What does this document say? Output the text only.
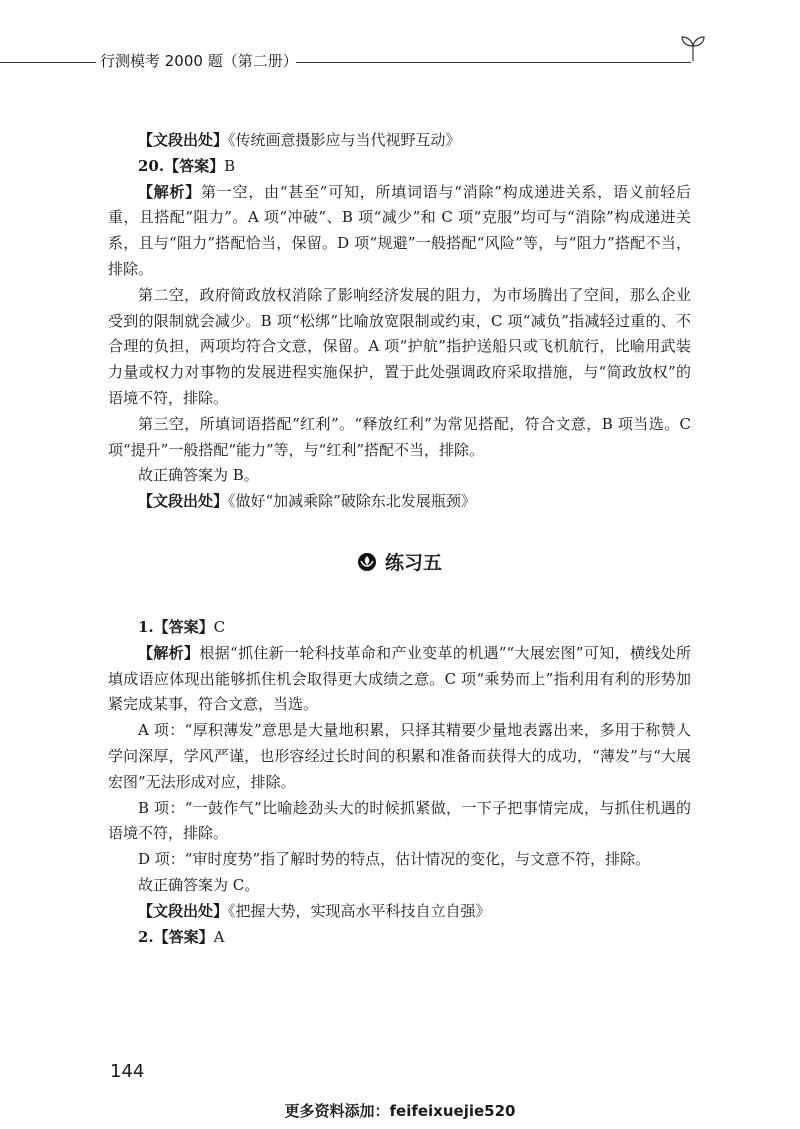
行测模考 2000 题（第二册）

【文段出处】《传统画意摄影应与当代视野互动》

20.【答案】B

【解析】第一空，由“甚至”可知，所填词语与“消除”构成递进关系，语义前轻后重，且搭配“阻力”。A 项“冲破”、B 项“减少”和 C 项“克服”均可与“消除”构成递进关系，且与“阻力”搭配恰当，保留。D 项“规避”一般搭配“风险”等，与“阻力”搭配不当，排除。

第二空，政府简政放权消除了影响经济发展的阻力，为市场腾出了空间，那么企业受到的限制就会减少。B 项“松绑”比喻放宽限制或约束，C 项“减负”指减轻过重的、不合理的负担，两项均符合文意，保留。A 项“护航”指护送船只或飞机航行，比喻用武装力量或权力对事物的发展进程实施保护，置于此处强调政府采取措施，与“简政放权”的语境不符，排除。

第三空，所填词语搭配“红利”。“释放红利”为常见搭配，符合文意，B 项当选。C 项“提升”一般搭配“能力”等，与“红利”搭配不当，排除。

故正确答案为 B。

【文段出处】《做好“加减乘除”破除东北发展瓶颈》

练习五

1.【答案】C

【解析】根据“抓住新一轮科技革命和产业变革的机遇”“大展宏图”可知，横线处所填成语应体现出能够抓住机会取得更大成绩之意。C 项“乘势而上”指利用有利的形势加紧完成某事，符合文意，当选。

A 项：“厚积薄发”意思是大量地积累，只择其精要少量地表露出来，多用于称赞人学问深厚，学风严谨，也形容经过长时间的积累和准备而获得大的成功，“薄发”与“大展宏图”无法形成对应，排除。

B 项：“一鼓作气”比喻趁劲头大的时候抓紧做，一下子把事情完成，与抓住机遇的语境不符，排除。

D 项：“审时度势”指了解时势的特点，估计情况的变化，与文意不符，排除。

故正确答案为 C。

【文段出处】《把握大势，实现高水平科技自立自强》

2.【答案】A

144
更多资料添加：feifeixuejie520
